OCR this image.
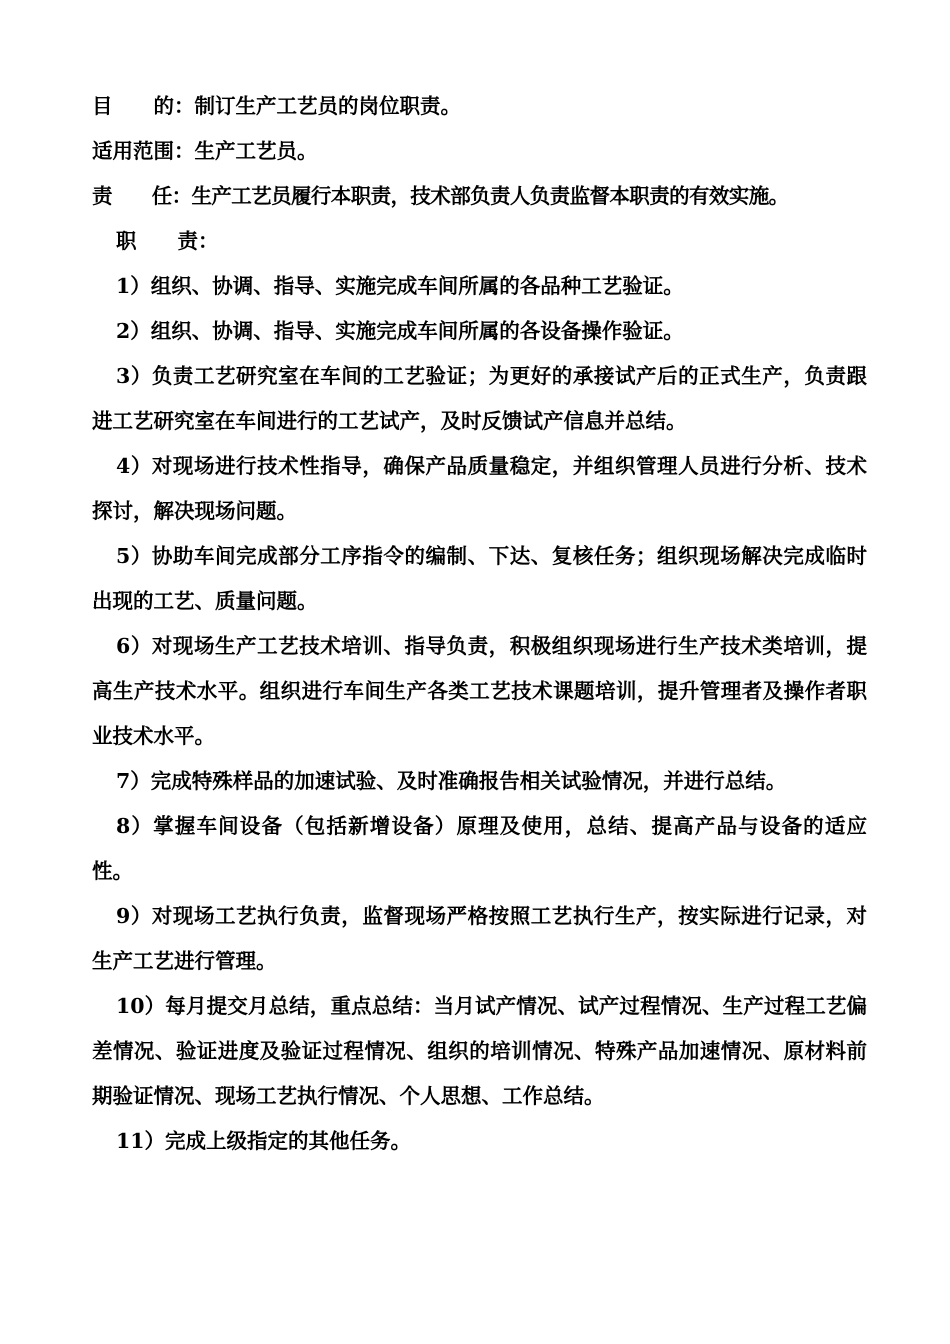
目　　的：制订生产工艺员的岗位职责。
适用范围：生产工艺员。
责　　任：生产工艺员履行本职责，技术部负责人负责监督本职责的有效实施。
职　　责：
1）组织、协调、指导、实施完成车间所属的各品种工艺验证。
2）组织、协调、指导、实施完成车间所属的各设备操作验证。
3）负责工艺研究室在车间的工艺验证；为更好的承接试产后的正式生产，负责跟进工艺研究室在车间进行的工艺试产，及时反馈试产信息并总结。
4）对现场进行技术性指导，确保产品质量稳定，并组织管理人员进行分析、技术探讨，解决现场问题。
5）协助车间完成部分工序指令的编制、下达、复核任务；组织现场解决完成临时出现的工艺、质量问题。
6）对现场生产工艺技术培训、指导负责，积极组织现场进行生产技术类培训，提高生产技术水平。组织进行车间生产各类工艺技术课题培训，提升管理者及操作者职业技术水平。
7）完成特殊样品的加速试验、及时准确报告相关试验情况，并进行总结。
8）掌握车间设备（包括新增设备）原理及使用，总结、提高产品与设备的适应性。
9）对现场工艺执行负责，监督现场严格按照工艺执行生产，按实际进行记录，对生产工艺进行管理。
10）每月提交月总结，重点总结：当月试产情况、试产过程情况、生产过程工艺偏差情况、验证进度及验证过程情况、组织的培训情况、特殊产品加速情况、原材料前期验证情况、现场工艺执行情况、个人思想、工作总结。
11）完成上级指定的其他任务。
